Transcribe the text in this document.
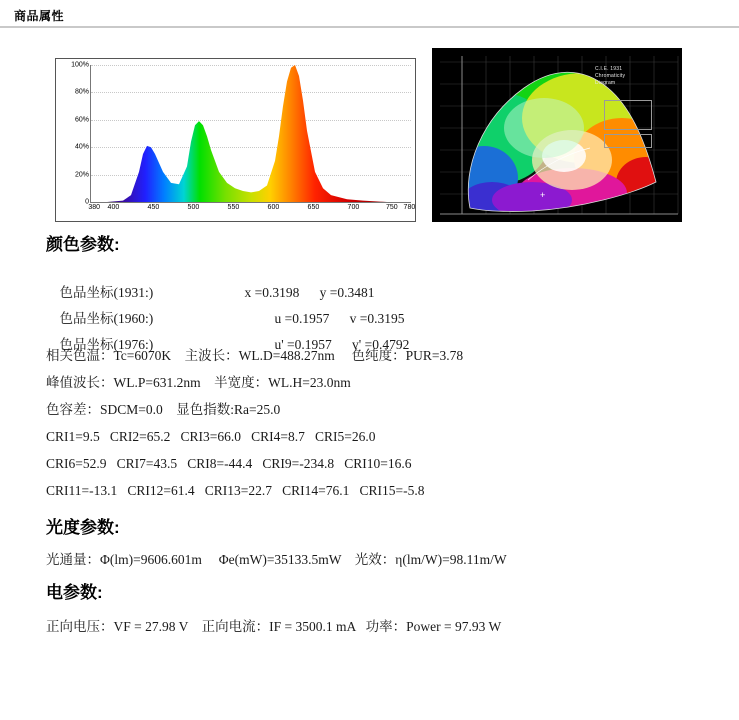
商品属性
100%
80%
60%
40%
20%
0
380 400	450	500	550	600	650	700	750 780
C.I.E. 1931
Chromaticity
Diagram
+
颜色参数:

色品坐标(1931:)	x =0.3198      y =0.3481

色品坐标(1960:)	u =0.1957      v =0.3195

色品坐标(1976:)	u' =0.1957      v' =0.4792

相关色温：Tc=6070K    主波长：WL.D=488.27nm     色纯度：PUR=3.78
峰值波长：WL.P=631.2nm    半宽度：WL.H=23.0nm
色容差：SDCM=0.0    显色指数:Ra=25.0
CRI1=9.5   CRI2=65.2   CRI3=66.0   CRI4=8.7   CRI5=26.0
CRI6=52.9   CRI7=43.5   CRI8=-44.4   CRI9=-234.8   CRI10=16.6
CRI11=-13.1   CRI12=61.4   CRI13=22.7   CRI14=76.1   CRI15=-5.8
光度参数:
光通量：Φ(lm)=9606.601m     Φe(mW)=35133.5mW    光效：η(lm/W)=98.11m/W
电参数:
正向电压：VF = 27.98 V    正向电流：IF = 3500.1 mA   功率：Power = 97.93 W
